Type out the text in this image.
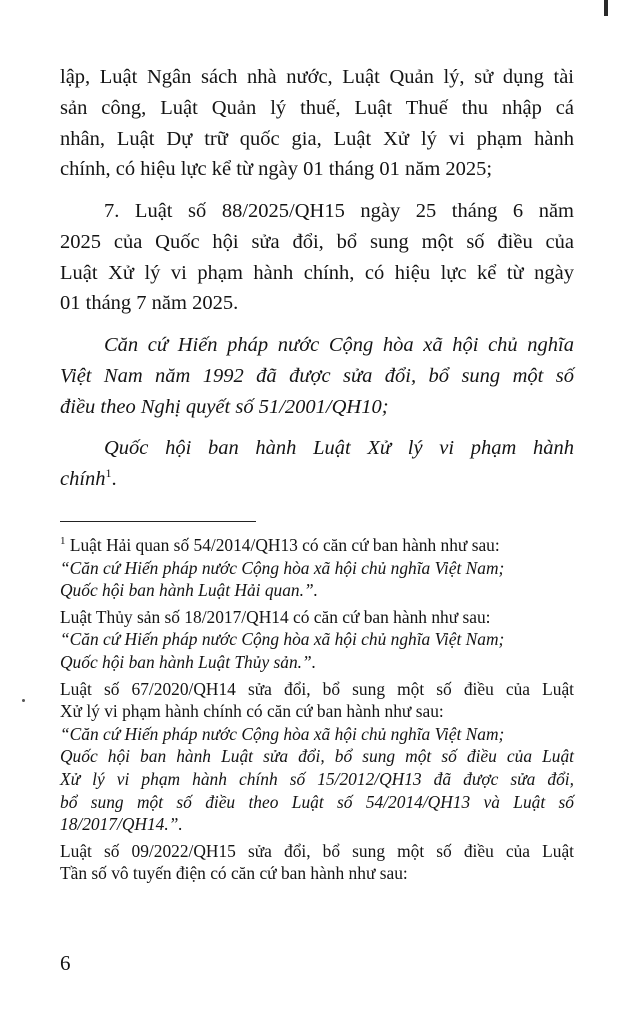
lập, Luật Ngân sách nhà nước, Luật Quản lý, sử dụng tài
sản công, Luật Quản lý thuế, Luật Thuế thu nhập cá
nhân, Luật Dự trữ quốc gia, Luật Xử lý vi phạm hành
chính, có hiệu lực kể từ ngày 01 tháng 01 năm 2025;
7. Luật số 88/2025/QH15 ngày 25 tháng 6 năm
2025 của Quốc hội sửa đổi, bổ sung một số điều của
Luật Xử lý vi phạm hành chính, có hiệu lực kể từ ngày
01 tháng 7 năm 2025.
Căn cứ Hiến pháp nước Cộng hòa xã hội chủ nghĩa
Việt Nam năm 1992 đã được sửa đổi, bổ sung một số
điều theo Nghị quyết số 51/2001/QH10;
Quốc hội ban hành Luật Xử lý vi phạm hành
chính$^1$.
$^1$ Luật Hải quan số 54/2014/QH13 có căn cứ ban hành như sau:
“Căn cứ Hiến pháp nước Cộng hòa xã hội chủ nghĩa Việt Nam;
Quốc hội ban hành Luật Hải quan.”.
Luật Thủy sản số 18/2017/QH14 có căn cứ ban hành như sau:
“Căn cứ Hiến pháp nước Cộng hòa xã hội chủ nghĩa Việt Nam;
Quốc hội ban hành Luật Thủy sản.”.
Luật số 67/2020/QH14 sửa đổi, bổ sung một số điều của Luật
Xử lý vi phạm hành chính có căn cứ ban hành như sau:
“Căn cứ Hiến pháp nước Cộng hòa xã hội chủ nghĩa Việt Nam;
Quốc hội ban hành Luật sửa đổi, bổ sung một số điều của Luật
Xử lý vi phạm hành chính số 15/2012/QH13 đã được sửa đổi,
bổ sung một số điều theo Luật số 54/2014/QH13 và Luật số
18/2017/QH14.”.
Luật số 09/2022/QH15 sửa đổi, bổ sung một số điều của Luật
Tần số vô tuyến điện có căn cứ ban hành như sau:
6
